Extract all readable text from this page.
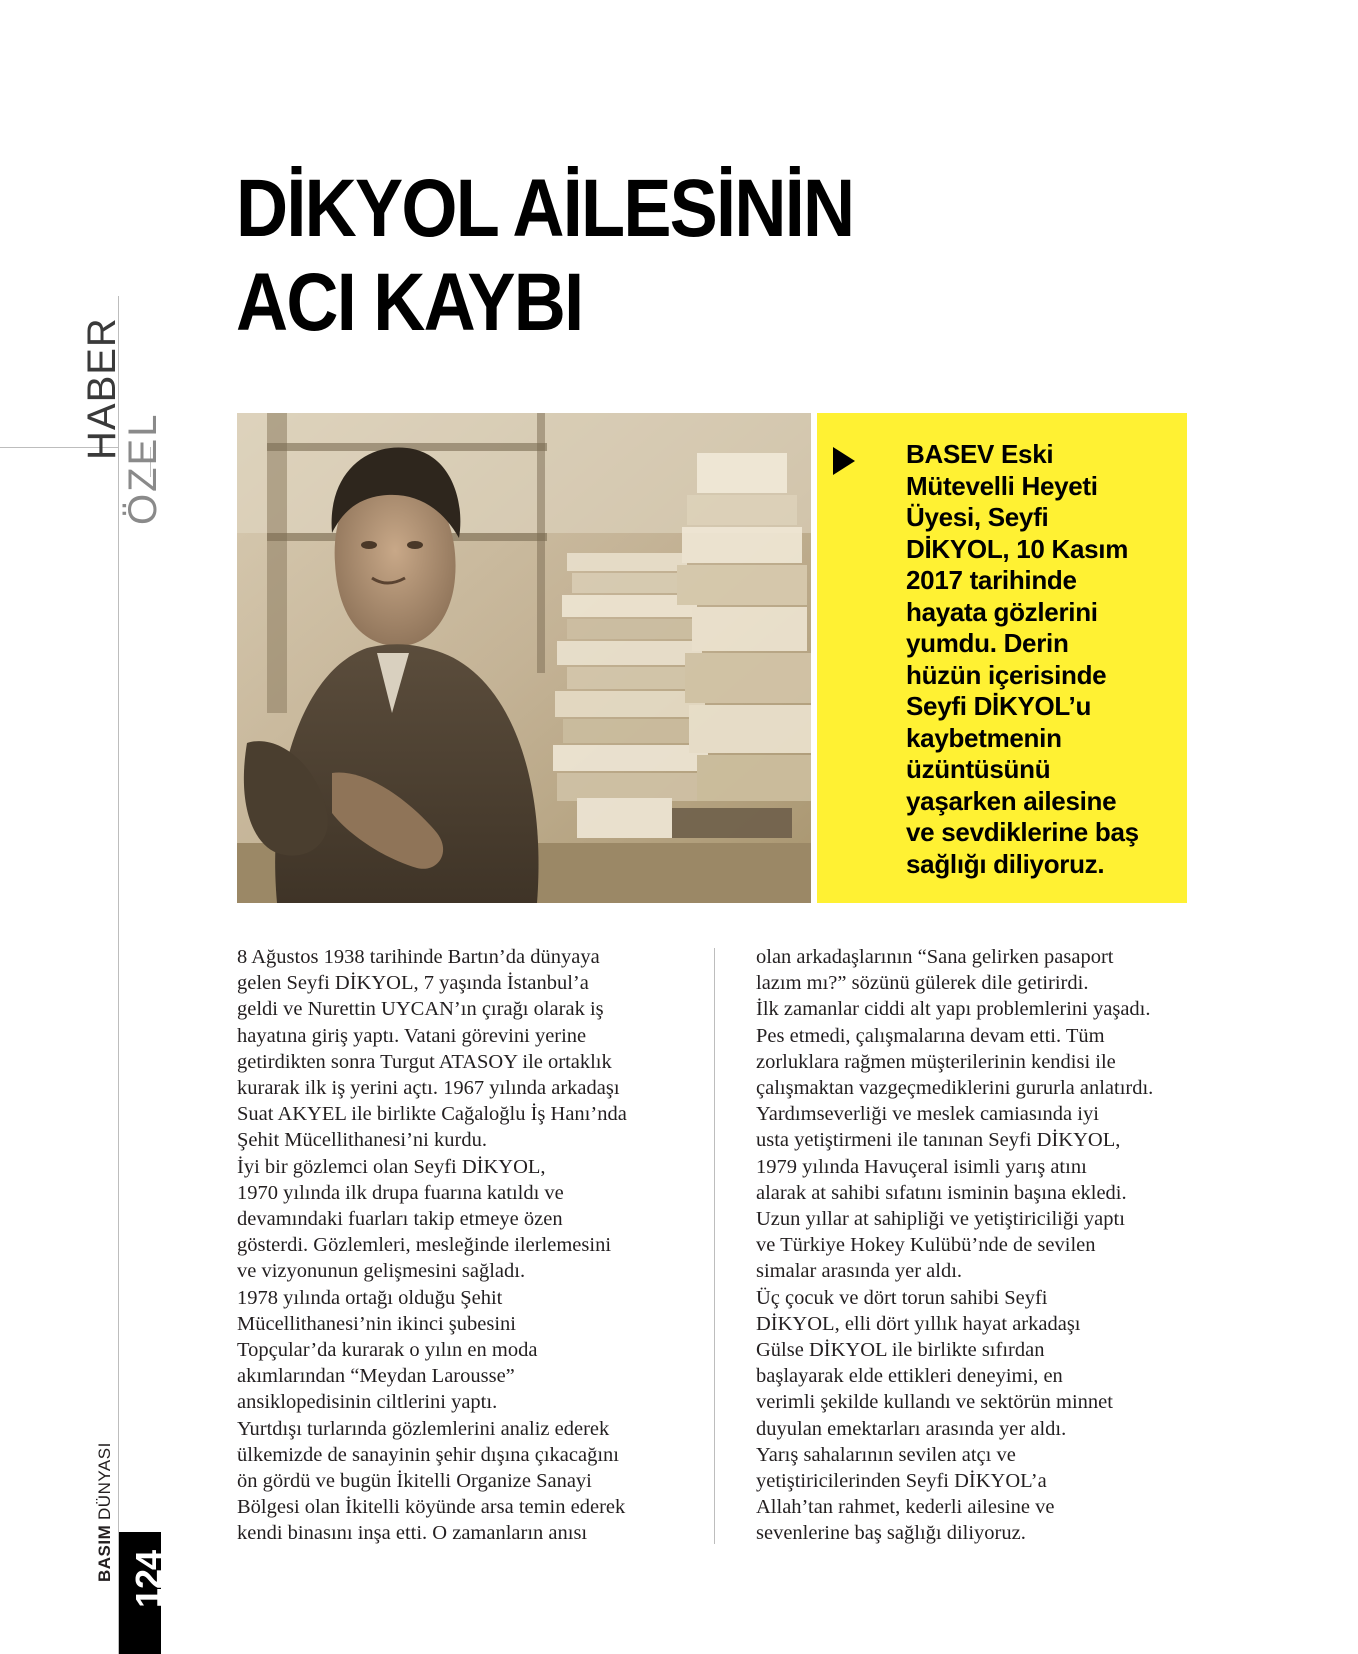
HABER
ÖZEL
BASIM DÜNYASI
124
DİKYOL AİLESİNİN
ACI KAYBI

BASEV Eski
Mütevelli Heyeti
Üyesi, Seyfi
DİKYOL, 10 Kasım
2017 tarihinde
hayata gözlerini
yumdu. Derin
hüzün içerisinde
Seyfi DİKYOL’u
kaybetmenin
üzüntüsünü
yaşarken ailesine
ve sevdiklerine baş
sağlığı diliyoruz.

8 Ağustos 1938 tarihinde Bartın’da dünyaya
gelen Seyfi DİKYOL, 7 yaşında İstanbul’a
geldi ve Nurettin UYCAN’ın çırağı olarak iş
hayatına giriş yaptı. Vatani görevini yerine
getirdikten sonra Turgut ATASOY ile ortaklık
kurarak ilk iş yerini açtı. 1967 yılında arkadaşı
Suat AKYEL ile birlikte Cağaloğlu İş Hanı’nda
Şehit Mücellithanesi’ni kurdu.
İyi bir gözlemci olan Seyfi DİKYOL,
1970 yılında ilk drupa fuarına katıldı ve
devamındaki fuarları takip etmeye özen
gösterdi. Gözlemleri, mesleğinde ilerlemesini
ve vizyonunun gelişmesini sağladı.
1978 yılında ortağı olduğu Şehit
Mücellithanesi’nin ikinci şubesini
Topçular’da kurarak o yılın en moda
akımlarından “Meydan Larousse”
ansiklopedisinin ciltlerini yaptı.
Yurtdışı turlarında gözlemlerini analiz ederek
ülkemizde de sanayinin şehir dışına çıkacağını
ön gördü ve bugün İkitelli Organize Sanayi
Bölgesi olan İkitelli köyünde arsa temin ederek
kendi binasını inşa etti. O zamanların anısı

olan arkadaşlarının “Sana gelirken pasaport
lazım mı?” sözünü gülerek dile getirirdi.
İlk zamanlar ciddi alt yapı problemlerini yaşadı.
Pes etmedi, çalışmalarına devam etti. Tüm
zorluklara rağmen müşterilerinin kendisi ile
çalışmaktan vazgeçmediklerini gururla anlatırdı.
Yardımseverliği ve meslek camiasında iyi
usta yetiştirmeni ile tanınan Seyfi DİKYOL,
1979 yılında Havuçeral isimli yarış atını
alarak at sahibi sıfatını isminin başına ekledi.
Uzun yıllar at sahipliği ve yetiştiriciliği yaptı
ve Türkiye Hokey Kulübü’nde de sevilen
simalar arasında yer aldı.
Üç çocuk ve dört torun sahibi Seyfi
DİKYOL, elli dört yıllık hayat arkadaşı
Gülse DİKYOL ile birlikte sıfırdan
başlayarak elde ettikleri deneyimi, en
verimli şekilde kullandı ve sektörün minnet
duyulan emektarları arasında yer aldı.
Yarış sahalarının sevilen atçı ve
yetiştiricilerinden Seyfi DİKYOL’a
Allah’tan rahmet, kederli ailesine ve
sevenlerine baş sağlığı diliyoruz.
